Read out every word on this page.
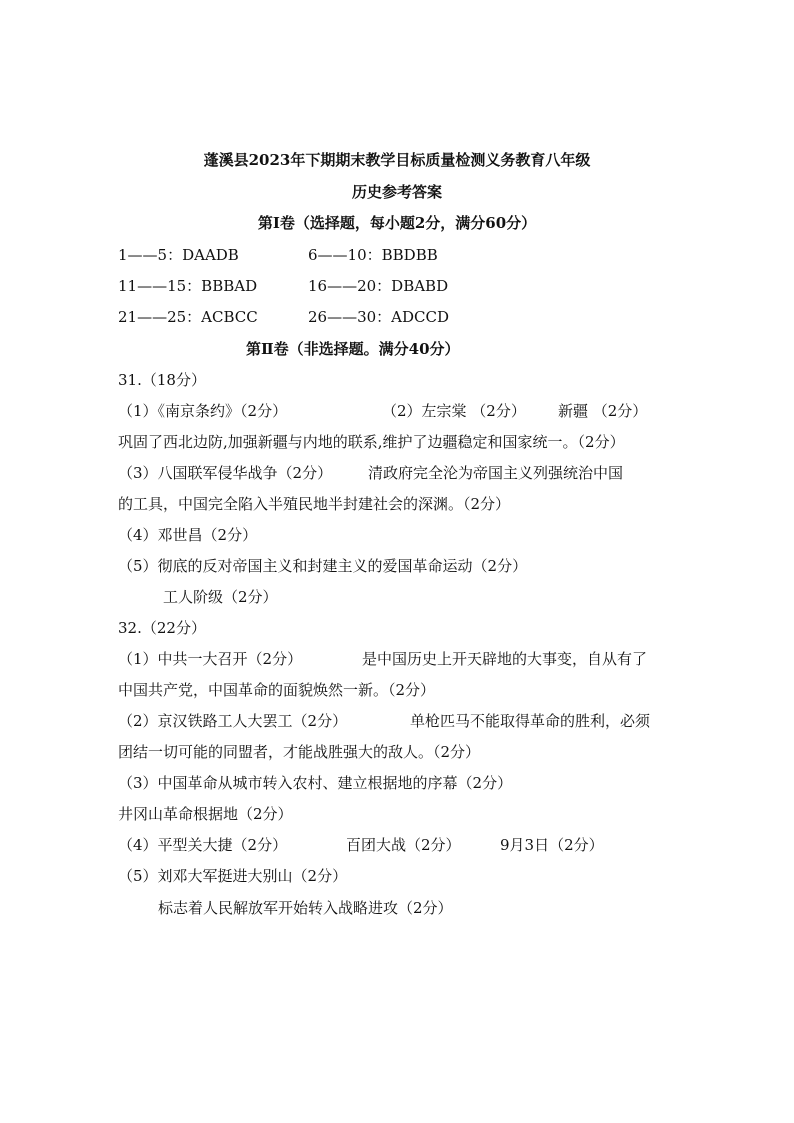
蓬溪县2023年下期期末教学目标质量检测义务教育八年级
历史参考答案
第Ⅰ卷（选择题，每小题2分，满分60分）
1——5：DAADB	6——10：BBDBB
11——15：BBBAD	16——20：DBABD
21——25：ACBCC	26——30：ADCCD
第Ⅱ卷（非选择题。满分40分）
31.（18分）
（1）《南京条约》（2分）	（2）左宗棠 （2分） 新疆 （2分）
巩固了西北边防,加强新疆与内地的联系,维护了边疆稳定和国家统一。（2分）
（3）八国联军侵华战争（2分） 清政府完全沦为帝国主义列强统治中国
的工具，中国完全陷入半殖民地半封建社会的深渊。（2分）
（4）邓世昌（2分）
（5）彻底的反对帝国主义和封建主义的爱国革命运动（2分）
工人阶级（2分）
32.（22分）
（1）中共一大召开（2分）	是中国历史上开天辟地的大事变，自从有了
中国共产党，中国革命的面貌焕然一新。（2分）
（2）京汉铁路工人大罢工（2分）	单枪匹马不能取得革命的胜利，必须
团结一切可能的同盟者，才能战胜强大的敌人。（2分）
（3）中国革命从城市转入农村、建立根据地的序幕（2分）
井冈山革命根据地（2分）
（4）平型关大捷（2分）	百团大战（2分）	9月3日（2分）
（5）刘邓大军挺进大别山（2分）
标志着人民解放军开始转入战略进攻（2分）
